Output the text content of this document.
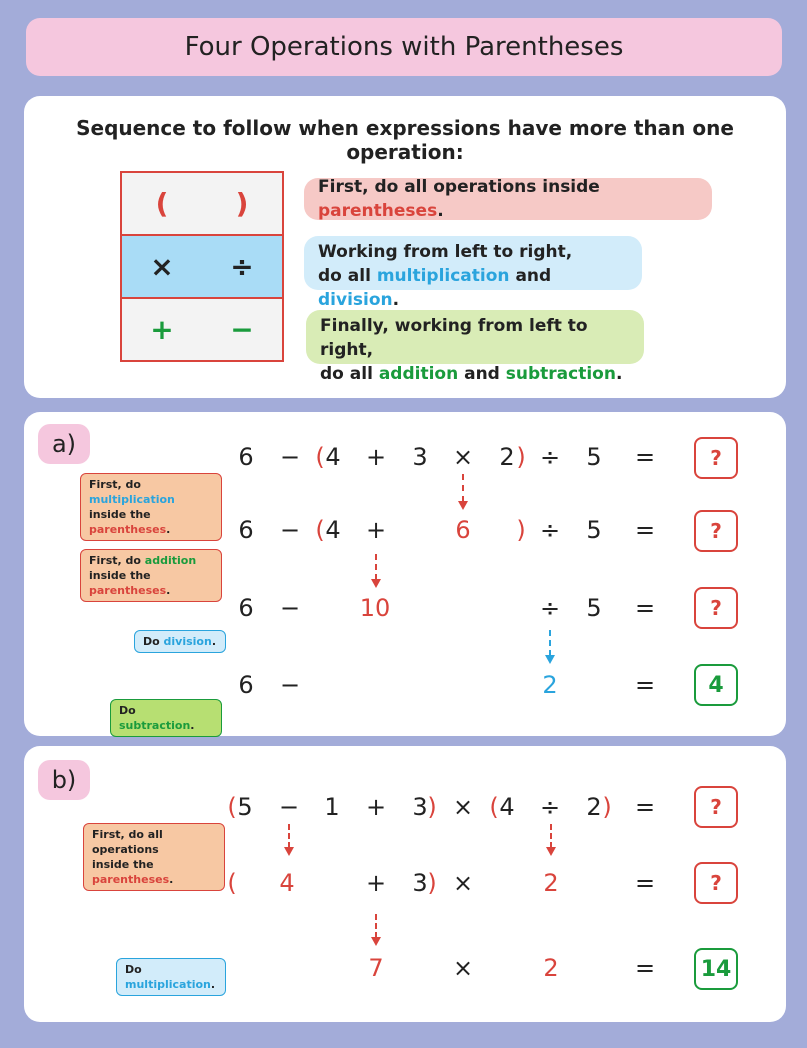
Four Operations with Parentheses
Sequence to follow when expressions have more than one operation:
( )
× ÷
+ −
First, do all operations inside parentheses.
Working from left to right,
do all multiplication and division.
Finally, working from left to right,
do all addition and subtraction.
a)	6	− ( 4	+	3	×	2 ) ÷	5	=	?
First, do multiplication
inside the parentheses.	6	− ( 4	+	6	) ÷	5	=	?
First, do addition
inside the parentheses.
6	−	10	÷	5	=	?
Do division.
6	−	2	=	4
Do subtraction.
b)
( 5	−	1	+	3 ) × ( 4	÷	2 ) =	?
First, do all operations
inside the parentheses.	(	4	+	3 ) ×	2	=	?
7	×	2	=	14
Do multiplication.
